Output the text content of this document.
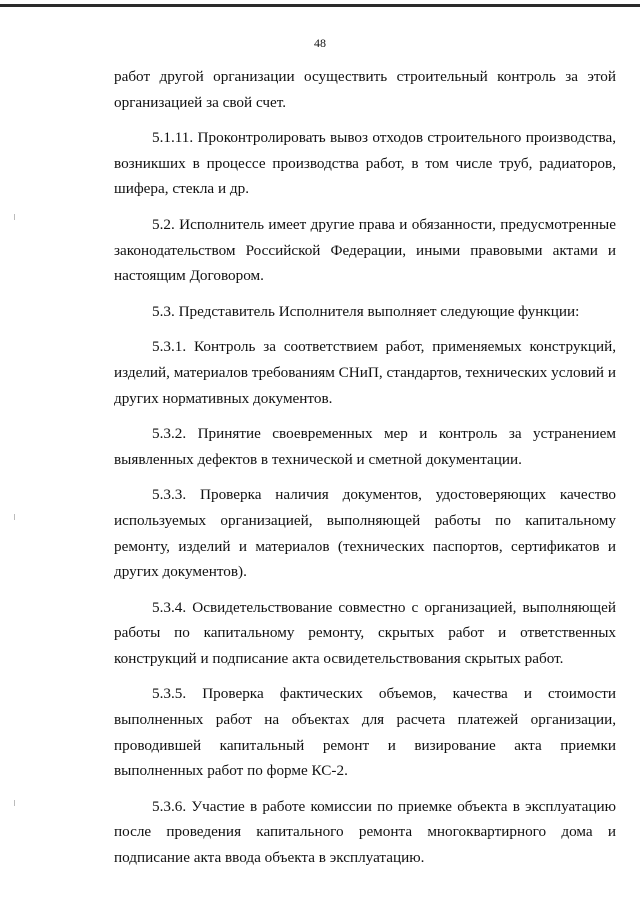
48

работ другой организации осуществить строительный контроль за этой организацией за свой счет.

5.1.11. Проконтролировать вывоз отходов строительного производства, возникших в процессе производства работ, в том числе труб, радиаторов, шифера, стекла и др.

5.2. Исполнитель имеет другие права и обязанности, предусмотренные законодательством Российской Федерации, иными правовыми актами и настоящим Договором.

5.3. Представитель Исполнителя выполняет следующие функции:

5.3.1. Контроль за соответствием работ, применяемых конструкций, изделий, материалов требованиям СНиП, стандартов, технических условий и других нормативных документов.

5.3.2. Принятие своевременных мер и контроль за устранением выявленных дефектов в технической и сметной документации.

5.3.3. Проверка наличия документов, удостоверяющих качество используемых организацией, выполняющей работы по капитальному ремонту, изделий и материалов (технических паспортов, сертификатов и других документов).

5.3.4. Освидетельствование совместно с организацией, выполняющей работы по капитальному ремонту, скрытых работ и ответственных конструкций и подписание акта освидетельствования скрытых работ.

5.3.5. Проверка фактических объемов, качества и стоимости выполненных работ на объектах для расчета платежей организации, проводившей капитальный ремонт и визирование акта приемки выполненных работ по форме КС-2.

5.3.6. Участие в работе комиссии по приемке объекта в эксплуатацию после проведения капитального ремонта многоквартирного дома и подписание акта ввода объекта в эксплуатацию.
